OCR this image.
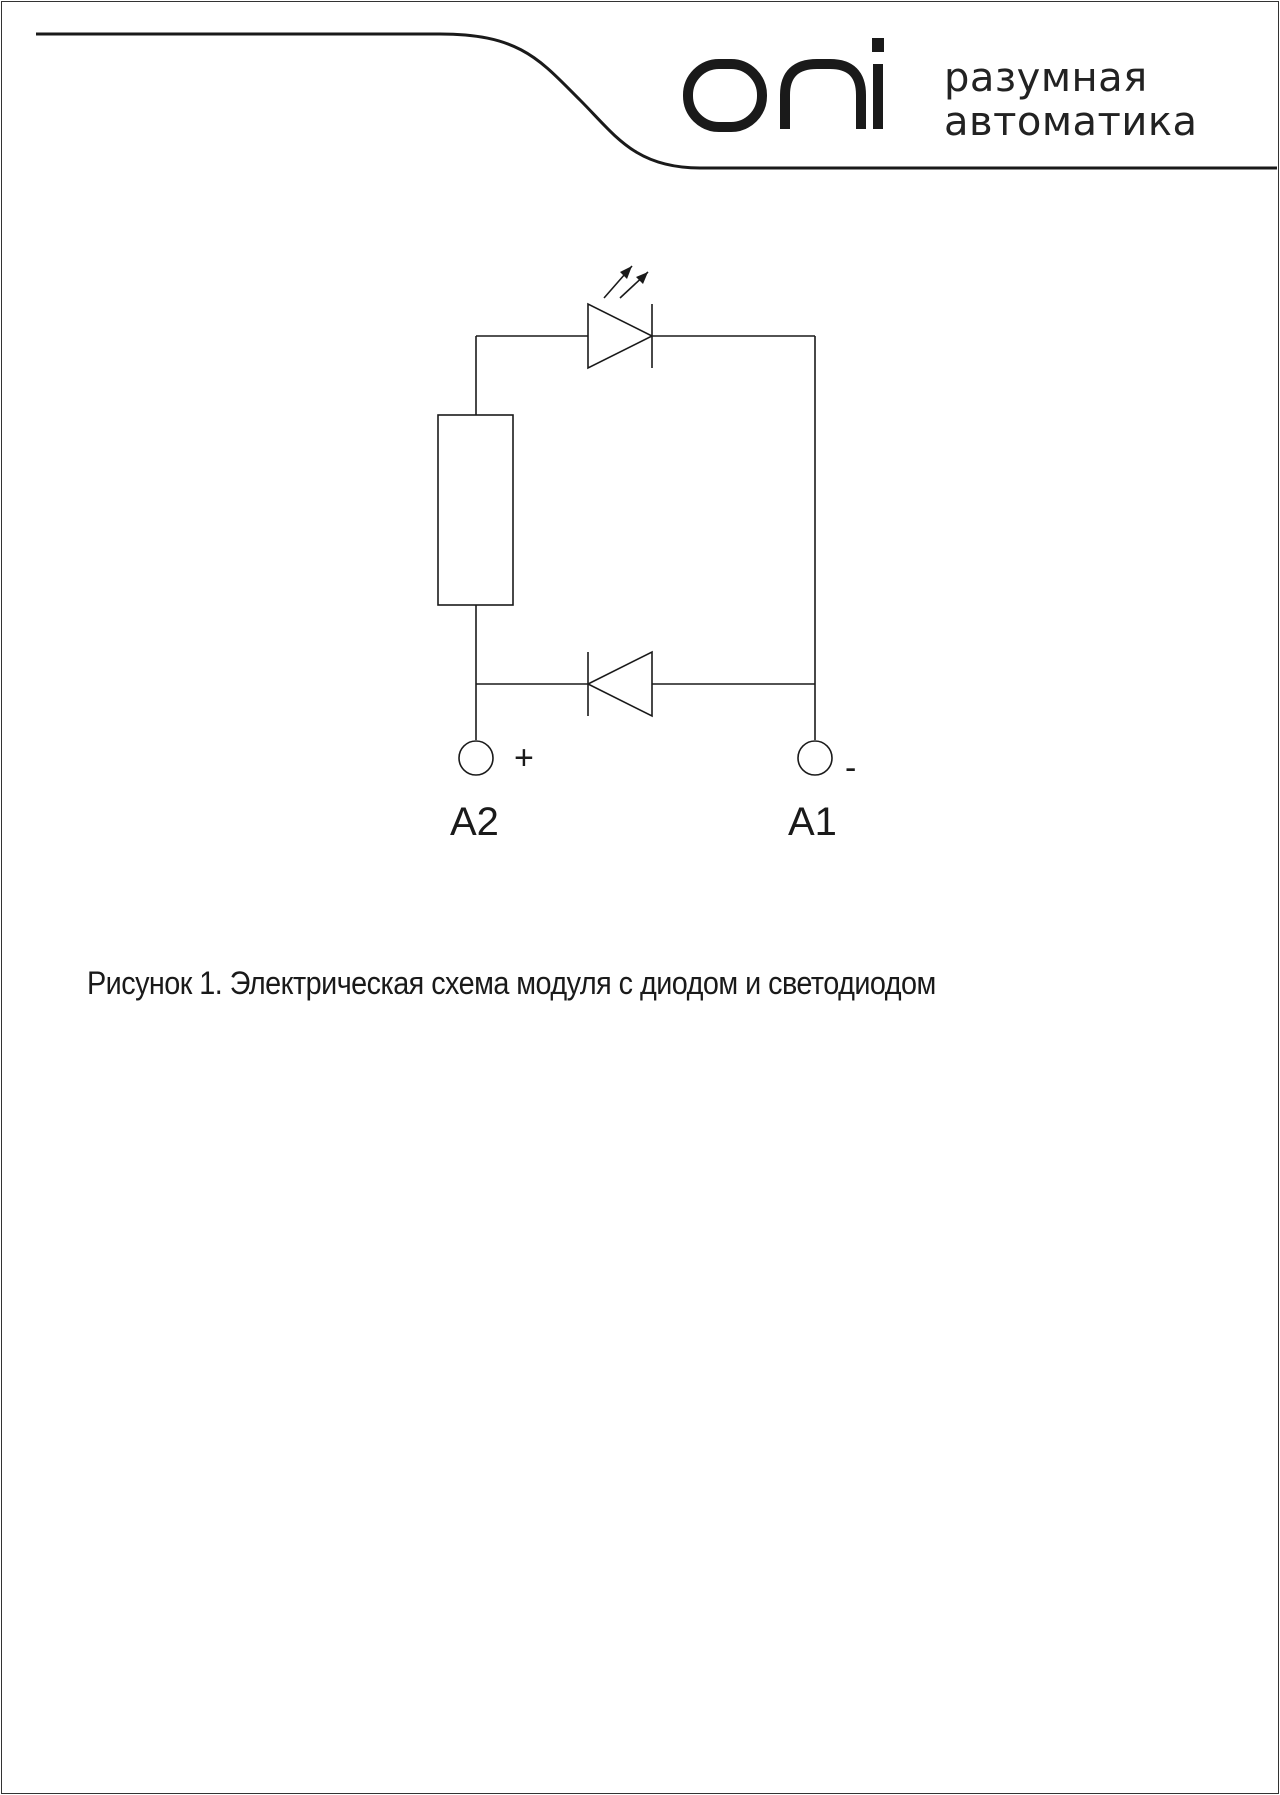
разумная
автоматика
+	-
A2	A1
Рисунок 1. Электрическая схема модуля с диодом и светодиодом
